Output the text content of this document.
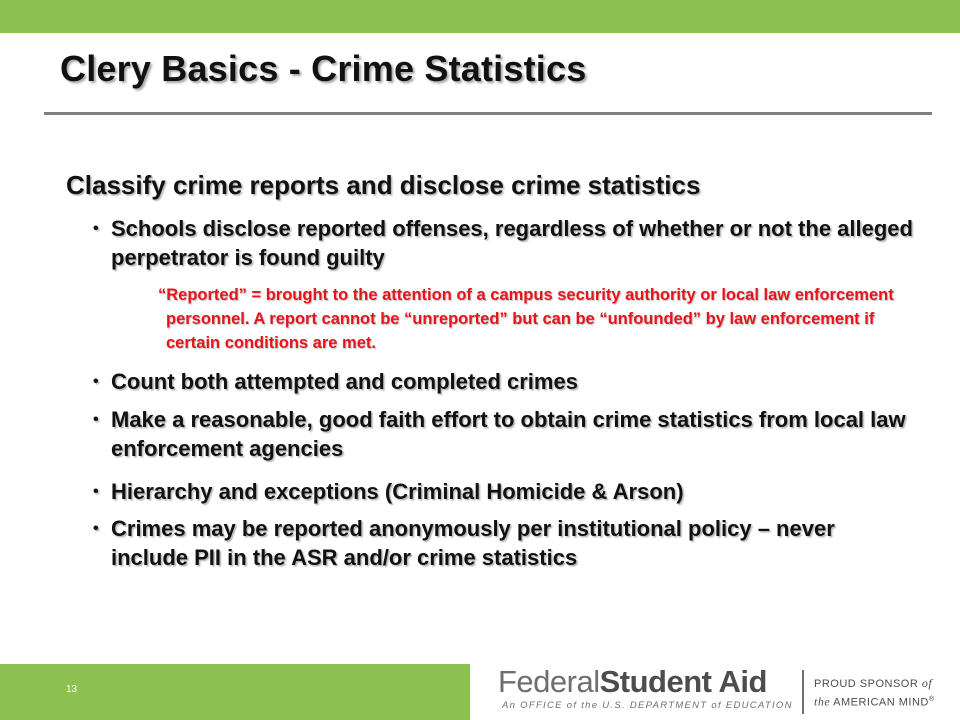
Clery Basics - Crime Statistics
Classify crime reports and disclose crime statistics
• Schools disclose reported offenses, regardless of whether or not the alleged perpetrator is found guilty
“Reported” = brought to the attention of a campus security authority or local law enforcement personnel. A report cannot be “unreported” but can be “unfounded” by law enforcement if certain conditions are met.
• Count both attempted and completed crimes
• Make a reasonable, good faith effort to obtain crime statistics from local law enforcement agencies
• Hierarchy and exceptions (Criminal Homicide & Arson)
• Crimes may be reported anonymously per institutional policy – never include PII in the ASR and/or crime statistics
13	FederalStudent Aid
An OFFICE of the U.S. DEPARTMENT of EDUCATION
PROUD SPONSOR of
the AMERICAN MIND®
